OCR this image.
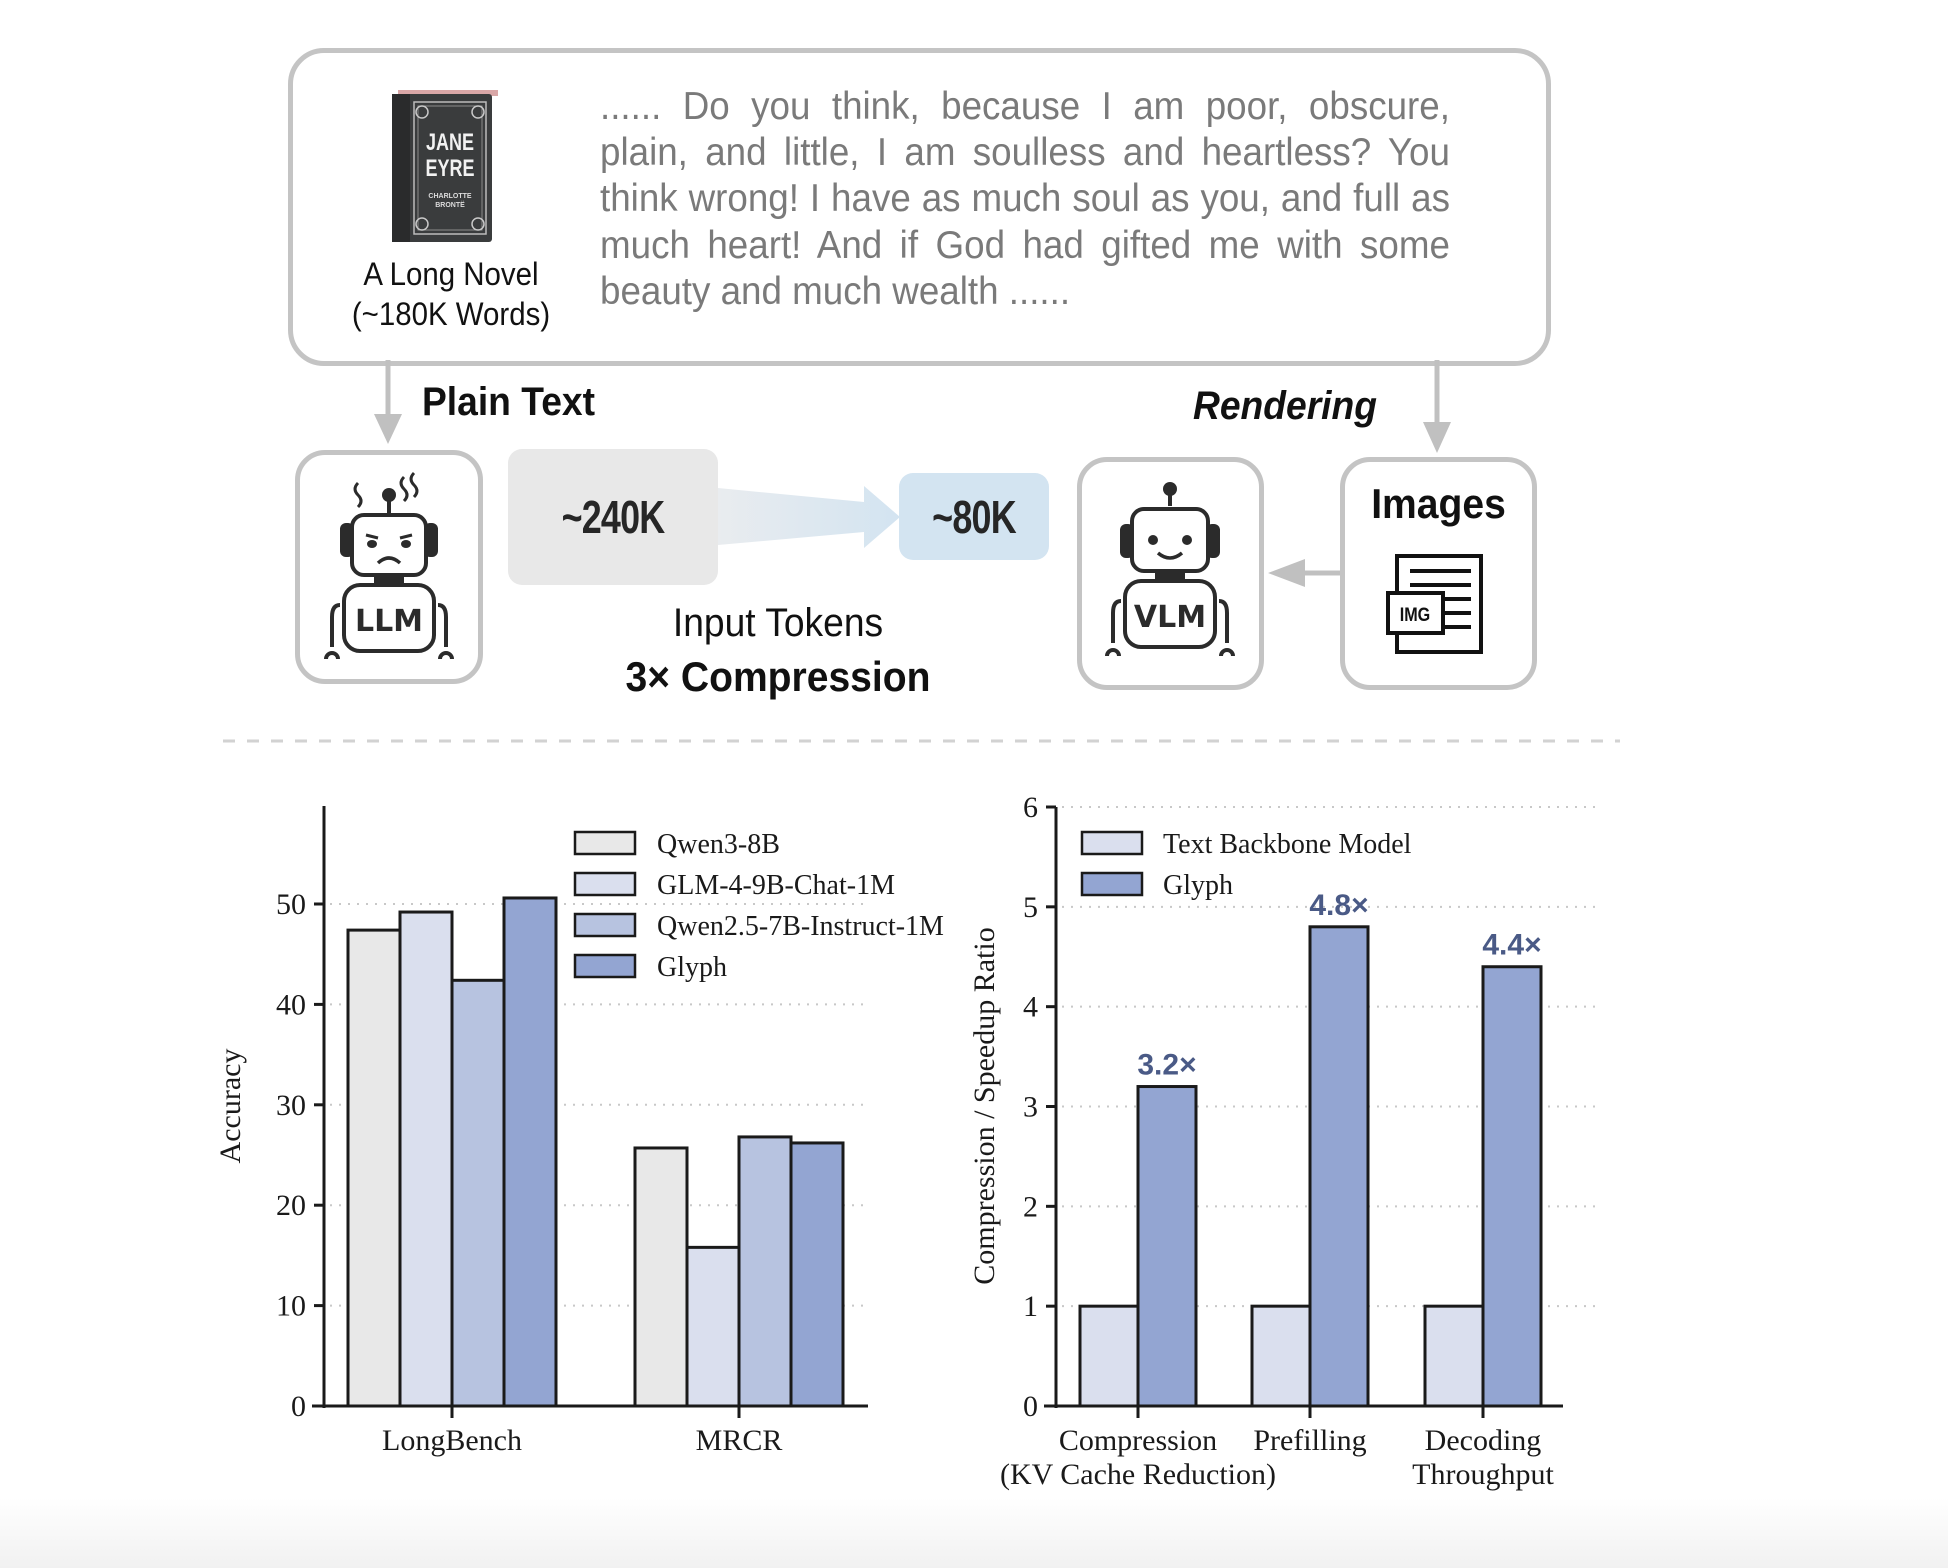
JANE
EYRE
CHARLOTTE
BRONTË
A Long Novel
(~180K Words)
...... Do you think, because I am poor, obscure, plain, and little, I am soulless and heartless? You think wrong! I have as much soul as you, and full as much heart! And if God had gifted me with some beauty and much wealth ......
Plain Text	Rendering
LLM
~240K	~80K
Input Tokens
3× Compression
VLM
Images
IMG
0
10
20
30
40
50
LongBench	MRCR
Accuracy
Qwen3-8B
GLM-4-9B-Chat-1M
Qwen2.5-7B-Instruct-1M
Glyph
3.2×
4.8×
4.4×
0
1
2
3
4
5
6
Compression
(KV Cache Reduction)
Prefilling Decoding
Throughput
Compression / Speedup Ratio
Text Backbone Model
Glyph
